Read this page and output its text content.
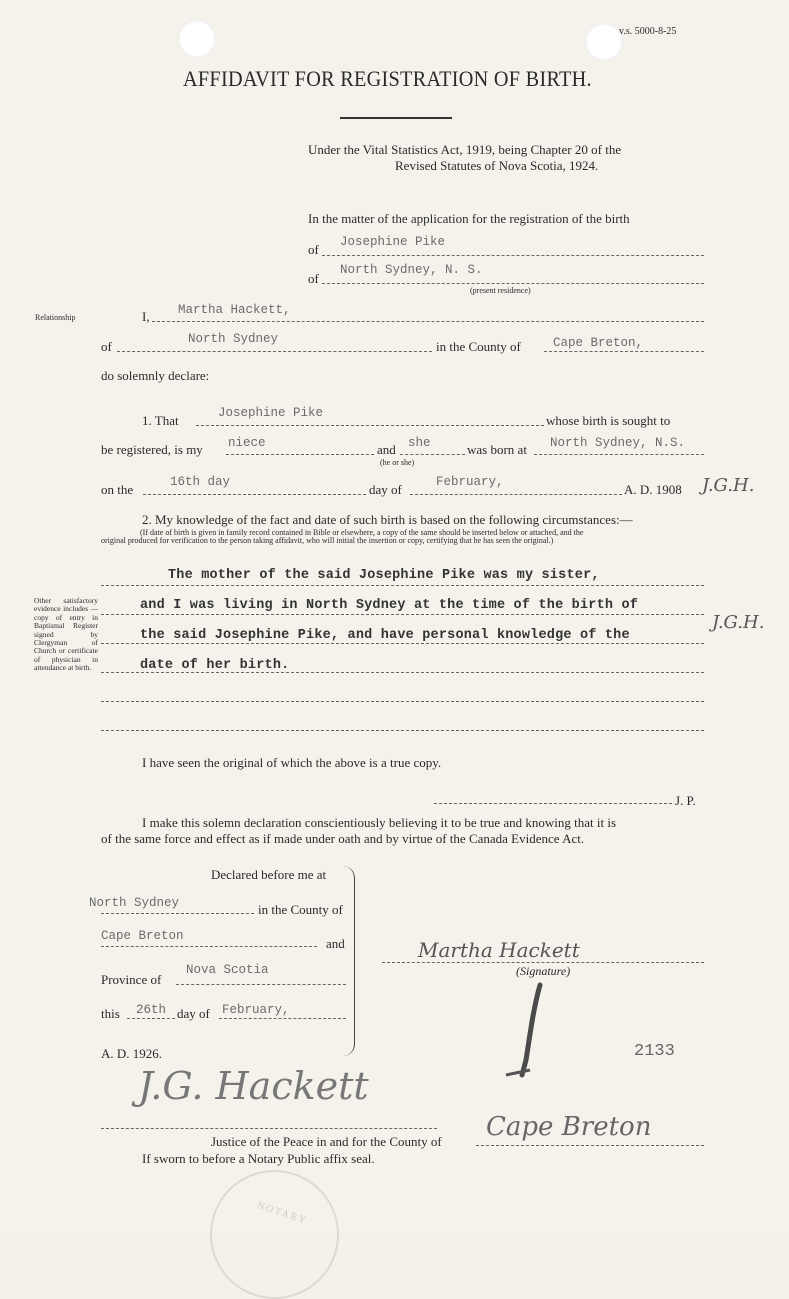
v.s. 5000-8-25
AFFIDAVIT FOR REGISTRATION OF BIRTH.
Under the Vital Statistics Act, 1919, being Chapter 20 of the
Revised Statutes of Nova Scotia, 1924.
In the matter of the application for the registration of the birth
of Josephine Pike
of
North Sydney, N. S.
(present residence)
Relationship	I, Martha Hackett,
of	North Sydney	in the County of	Cape Breton,
do solemnly declare:
1. That	Josephine Pike	whose birth is sought to
be registered, is my niece	and she
(he or she)
was born at North Sydney, N.S.
on the	16th day	day of	February,	A. D. 1908 J.G.H.
2. My knowledge of the fact and date of such birth is based on the following circumstances:—
(If date of birth is given in family record contained in Bible or elsewhere, a copy of the same should be inserted below or attached, and the
original produced for verification to the person taking affidavit, who will initial the insertion or copy, certifying that he has seen the original.)
The mother of the said Josephine Pike was my sister,
and I was living in North Sydney at the time of the birth of
the said Josephine Pike, and have personal knowledge of the
date of her birth.
J.G.H.
Other satisfactory evidence includes —copy of entry in Baptismal Register signed by Clergyman of Church or certificate of physician in attendance at birth.
I have seen the original of which the above is a true copy.
J. P.
I make this solemn declaration conscientiously believing it to be true and knowing that it is
of the same force and effect as if made under oath and by virtue of the Canada Evidence Act.
Declared before me at
North Sydney	in the County of
Cape Breton	and
Province of
Nova Scotia
this 26th day of February,
A. D. 1926.
Martha Hackett
(Signature)
2133
J.G. Hackett
Justice of the Peace in and for the County of Cape Breton
If sworn to before a Notary Public affix seal.
NOTARY
